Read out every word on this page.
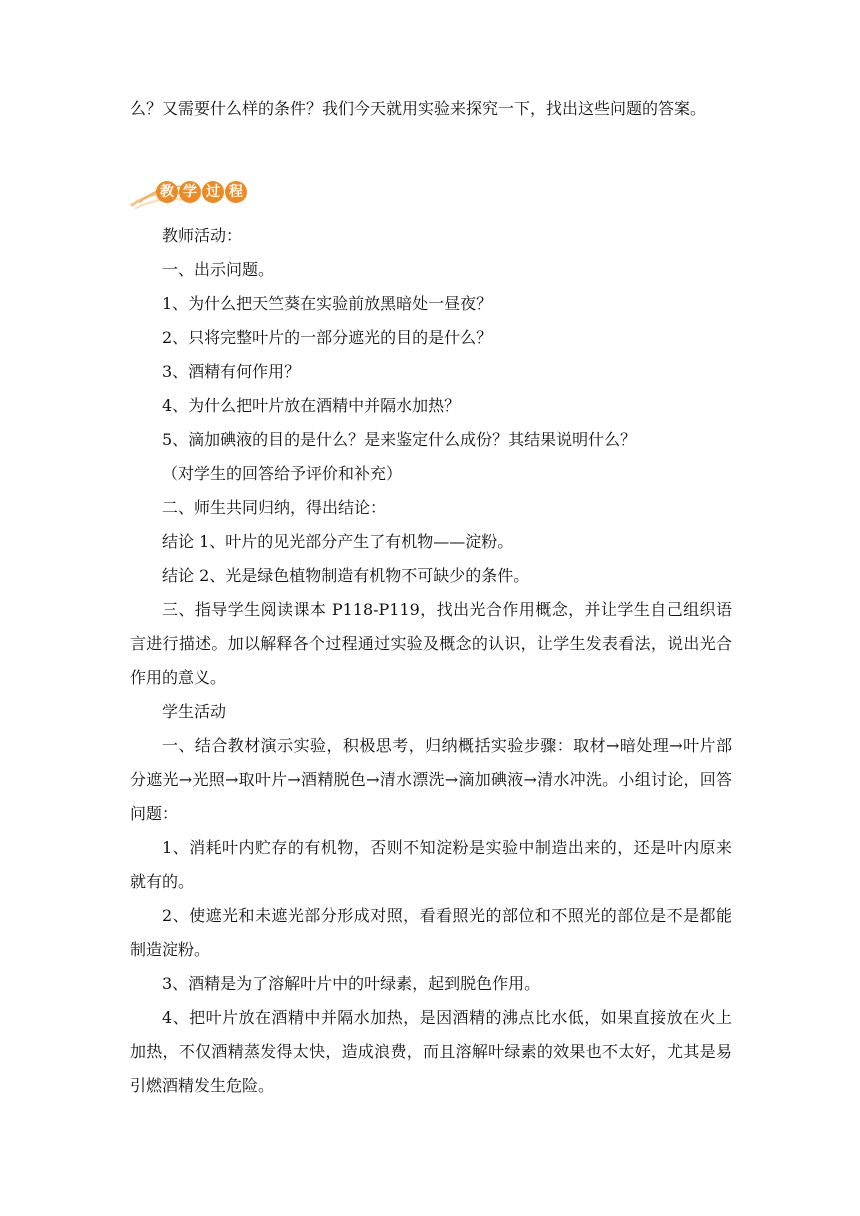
么？又需要什么样的条件？我们今天就用实验来探究一下，找出这些问题的答案。

教 学 过 程

教师活动：

一、出示问题。

1、为什么把天竺葵在实验前放黑暗处一昼夜？

2、只将完整叶片的一部分遮光的目的是什么？

3、酒精有何作用？

4、为什么把叶片放在酒精中并隔水加热？

5、滴加碘液的目的是什么？是来鉴定什么成份？其结果说明什么？

（对学生的回答给予评价和补充）

二、师生共同归纳，得出结论：

结论 1、叶片的见光部分产生了有机物——淀粉。

结论 2、光是绿色植物制造有机物不可缺少的条件。

三、指导学生阅读课本 P118-P119，找出光合作用概念，并让学生自己组织语言进行描述。加以解释各个过程通过实验及概念的认识，让学生发表看法，说出光合作用的意义。

学生活动

一、结合教材演示实验，积极思考，归纳概括实验步骤：取材→暗处理→叶片部分遮光→光照→取叶片→酒精脱色→清水漂洗→滴加碘液→清水冲洗。小组讨论，回答问题：

1、消耗叶内贮存的有机物，否则不知淀粉是实验中制造出来的，还是叶内原来就有的。

2、使遮光和未遮光部分形成对照，看看照光的部位和不照光的部位是不是都能制造淀粉。

3、酒精是为了溶解叶片中的叶绿素，起到脱色作用。

4、把叶片放在酒精中并隔水加热，是因酒精的沸点比水低，如果直接放在火上加热，不仅酒精蒸发得太快，造成浪费，而且溶解叶绿素的效果也不太好，尤其是易引燃酒精发生危险。
